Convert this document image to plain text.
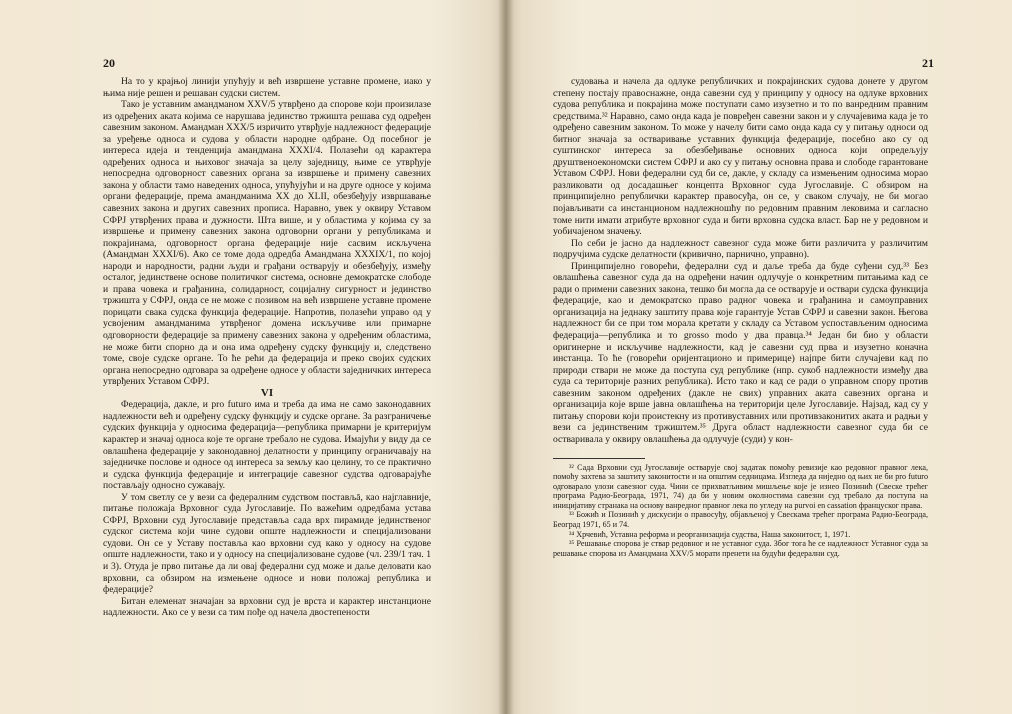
20

На то у крајњој линији упућују и већ извршене уставне промене, иако у њима није решен и решаван судски систем.

Тако је уставним амандманом XXV/5 утврђено да спорове који произилазе из одређених аката којима се нарушава јединство тржишта решава суд одређен савезним законом. Амандман XXX/5 изричито утврђује надлежност федерације за уређење односа и судова у области народне одбране. Од посебног је интереса идеја и тенденција амандмана XXXI/4. Полазећи од карактера одређених односа и њиховог значаја за целу заједницу, њиме се утврђује непосредна одговорност савезних органа за извршење и примену савезних закона у области тамо наведених односа, упућујући и на друге односе у којима органи федерације, према амандманима XX до XLII, обезбеђују извршавање савезних закона и других савезних прописа. Наравно, увек у оквиру Уставом СФРЈ утврђених права и дужности. Шта више, и у областима у којима су за извршење и примену савезних закона одговорни органи у републикама и покрајинама, одговорност органа федерације није сасвим искључена (Амандман XXXI/6). Ако се томе дода одредба Амандмана XXXIX/1, по којој народи и народности, радни људи и грађани остварују и обезбеђују, између осталог, јединствене основе политичког система, основне демократске слободе и права човека и грађанина, солидарност, социјалну сигурност и јединство тржишта у СФРЈ, онда се не може с позивом на већ извршене уставне промене порицати свака судска функција федерације. Напротив, полазећи управо од у усвојеним амандманима утврђеног домена искључиве или примарне одговорности федерације за примену савезних закона у одређеним областима, не може бити спорно да и она има одређену судску функцију и, следствено томе, своје судске органе. То ће рећи да федерација и преко својих судских органа непосредно одговара за одређене односе у области заједничких интереса утврђених Уставом СФРЈ.

VI

Федерација, дакле, и pro futuro има и треба да има не само законодавних надлежности већ и одређену судску функцију и судске органе. За разграничење судских функција у односима федерација—република примарни је критеријум карактер и значај односа које те органе требало не судова. Имајући у виду да се овлашћена федерације у законодавној делатности у принципу ограничавају на заједничке послове и односе од интереса за земљу као целину, то се практично и судска функција федерације и интеграције савезног судства одговарајуће постављају односно сужавају.

У том светлу се у вези са федералним судством постављā, као најглавније, питање положаја Врховног суда Југославије. По важећим одредбама устава СФРЈ, Врховни суд Југославије представља сада врх пирамиде јединственог судског система који чине судови опште надлежности и специјализовани судови. Он се у Уставу поставља као врховни суд како у односу на судове опште надлежности, тако и у односу на специјализоване судове (чл. 239/1 тач. 1 и 3). Отуда је прво питање да ли овај федерални суд може и даље деловати као врховни, са обзиром на измењене односе и нови положај република и федерације?

Битан елеменат значајан за врховни суд је врста и карактер инстанционе надлежности. Ако се у вези са тим пође од начела двостепености

21

судовања и начела да одлуке републичких и покрајинских судова донете у другом степену постају правоснажне, онда савезни суд у принципу у односу на одлуке врховних судова република и покрајина може поступати само изузетно и то по ванредним правним средствима.³² Наравно, само онда када је повређен савезни закон и у случајевима када је то одређено савезним законом. То може у начелу бити само онда када су у питању односи од битног значаја за остваривање уставних функција федерације, посебно ако су од суштинског интереса за обезбеђивање основних односа који опредељују друштвеноекономски систем СФРЈ и ако су у питању основна права и слободе гарантоване Уставом СФРЈ. Нови федерални суд би се, дакле, у складу са измењеним односима морао разликовати од досадашњег концепта Врховног суда Југославије. С обзиром на принципијелно републички карактер правосуђа, он се, у сваком случају, не би могао појављивати са инстанционом надлежношћу по редовним правним лековима и сагласно томе нити имати атрибуте врховног суда и бити врховна судска власт. Бар не у редовном и уобичајеном значењу.

По себи је јасно да надлежност савезног суда може бити различита у различитим подручјима судске делатности (кривично, парнично, управно).

Принципијелно говорећи, федерални суд и даље треба да буде суђени суд.³³ Без овлашћења савезног суда да на одређени начин одлучује о конкретним питањима кад се ради о примени савезних закона, тешко би могла да се остварује и оствари судска функција федерације, као и демократско право радног човека и грађанина и самоуправних организација на једнаку заштиту права које гарантује Устав СФРЈ и савезни закон. Његова надлежност би се при том морала кретати у складу са Уставом успостављеним односима федерација—република и то grosso modo у два правца.³⁴ Један би био у области оригинерне и искључиве надлежности, кад је савезни суд прва и изузетно коначна инстанца. То ће (говорећи оријентационо и примерице) најпре бити случајеви кад по природи ствари не може да поступа суд републике (нпр. сукоб надлежности између два суда са територије разних република). Исто тако и кад се ради о управном спору против савезним законом одређених (дакле не свих) управних аката савезних органа и организација које врше јавна овлашћења на територији целе Југославије. Најзад, кад су у питању спорови који проистекну из противуставних или противзаконитих аката и радњи у вези са јединственим тржиштем.³⁵ Друга област надлежности савезног суда би се остваривала у оквиру овлашћења да одлучује (суди) у кон-

³² Сада Врховни суд Југославије остварује свој задатак помоћу ревизије као редовног правног лека, помоћу захтева за заштиту законитости и на општим седницама. Изгледа да ниједно од њих не би pro futuro одговарало улози савезног суда. Чини се прихватљивим мишљење које је изнео Позинић (Свеске трећег програма Радио-Београда, 1971, 74) да би у новим околностима савезни суд требало да поступа на иницијативу странака на основу ванредног правног лека по угледу на purvoi en cassation француског права.

³³ Божић и Позинић у дискусији о правосуђу, објављеној у Свескама трећег програма Радио-Београда, Београд 1971, 65 и 74.

³⁴ Хрчевић, Уставна реформа и реорганизација судства, Наша законитост, 1, 1971.

³⁵ Решавање спорова је ствар редовног и не уставног суда. Због тога ће се надлежност Уставног суда за решавање спорова из Амандмана XXV/5 морати пренети на будући федерални суд.
